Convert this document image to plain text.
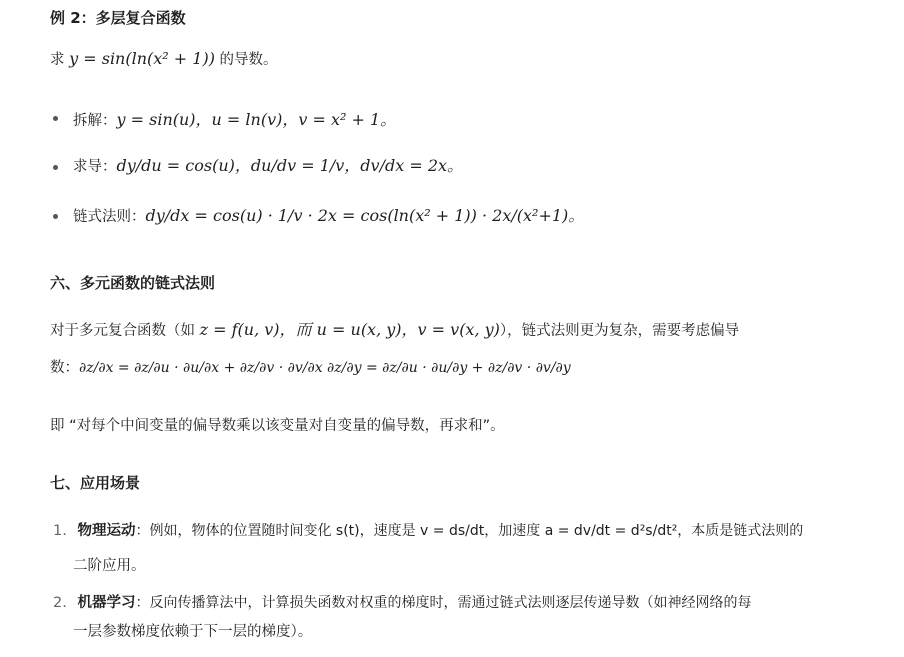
例 2：多层复合函数
求 y = sin(ln(x² + 1)) 的导数。
拆解：y = sin(u)，u = ln(v)，v = x² + 1。
求导：dy/du = cos(u)，du/dv = 1/v，dv/dx = 2x。
链式法则：dy/dx = cos(u) · 1/v · 2x = cos(ln(x² + 1)) · 2x/(x²+1)。
六、多元函数的链式法则
对于多元复合函数（如 z = f(u, v)，而 u = u(x, y)，v = v(x, y)），链式法则更为复杂，需要考虑偏导
数：∂z/∂x = ∂z/∂u · ∂u/∂x + ∂z/∂v · ∂v/∂x ∂z/∂y = ∂z/∂u · ∂u/∂y + ∂z/∂v · ∂v/∂y
即 “对每个中间变量的偏导数乘以该变量对自变量的偏导数，再求和”。
七、应用场景
1. 物理运动：例如，物体的位置随时间变化 s(t)，速度是 v = ds/dt，加速度 a = dv/dt = d²s/dt²，本质是链式法则的
二阶应用。
2. 机器学习：反向传播算法中，计算损失函数对权重的梯度时，需通过链式法则逐层传递导数（如神经网络的每
一层参数梯度依赖于下一层的梯度）。
